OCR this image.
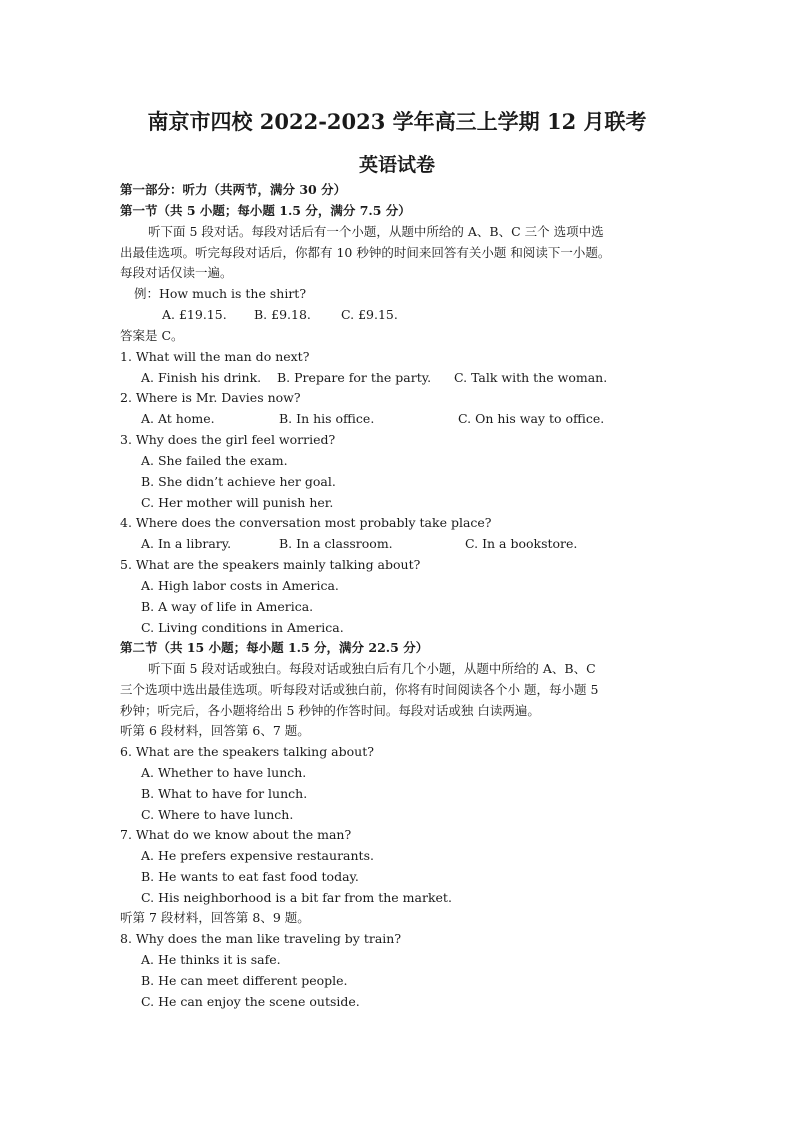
南京市四校 2022-2023 学年高三上学期 12 月联考
英语试卷
第一部分：听力（共两节，满分 30 分）
第一节（共 5 小题；每小题 1.5 分，满分 7.5 分）
听下面 5 段对话。每段对话后有一个小题，从题中所给的 A、B、C 三个 选项中选
出最佳选项。听完每段对话后，你都有 10 秒钟的时间来回答有关小题 和阅读下一小题。
每段对话仅读一遍。
例：How much is the shirt?
A. £19.15. B. £9.18. C. £9.15.
答案是 C。
1. What will the man do next?
A. Finish his drink. B. Prepare for the party. C. Talk with the woman.
2. Where is Mr. Davies now?
A. At home.	B. In his office.	C. On his way to office.
3. Why does the girl feel worried?
A. She failed the exam.
B. She didn’t achieve her goal.
C. Her mother will punish her.
4. Where does the conversation most probably take place?
A. In a library.	B. In a classroom.	C. In a bookstore.
5. What are the speakers mainly talking about?
A. High labor costs in America.
B. A way of life in America.
C. Living conditions in America.
第二节（共 15 小题；每小题 1.5 分，满分 22.5 分）
听下面 5 段对话或独白。每段对话或独白后有几个小题，从题中所给的 A、B、C
三个选项中选出最佳选项。听每段对话或独白前，你将有时间阅读各个小 题，每小题 5
秒钟；听完后，各小题将给出 5 秒钟的作答时间。每段对话或独 白读两遍。
听第 6 段材料，回答第 6、7 题。
6. What are the speakers talking about?
A. Whether to have lunch.
B. What to have for lunch.
C. Where to have lunch.
7. What do we know about the man?
A. He prefers expensive restaurants.
B. He wants to eat fast food today.
C. His neighborhood is a bit far from the market.
听第 7 段材料，回答第 8、9 题。
8. Why does the man like traveling by train?
A. He thinks it is safe.
B. He can meet different people.
C. He can enjoy the scene outside.
